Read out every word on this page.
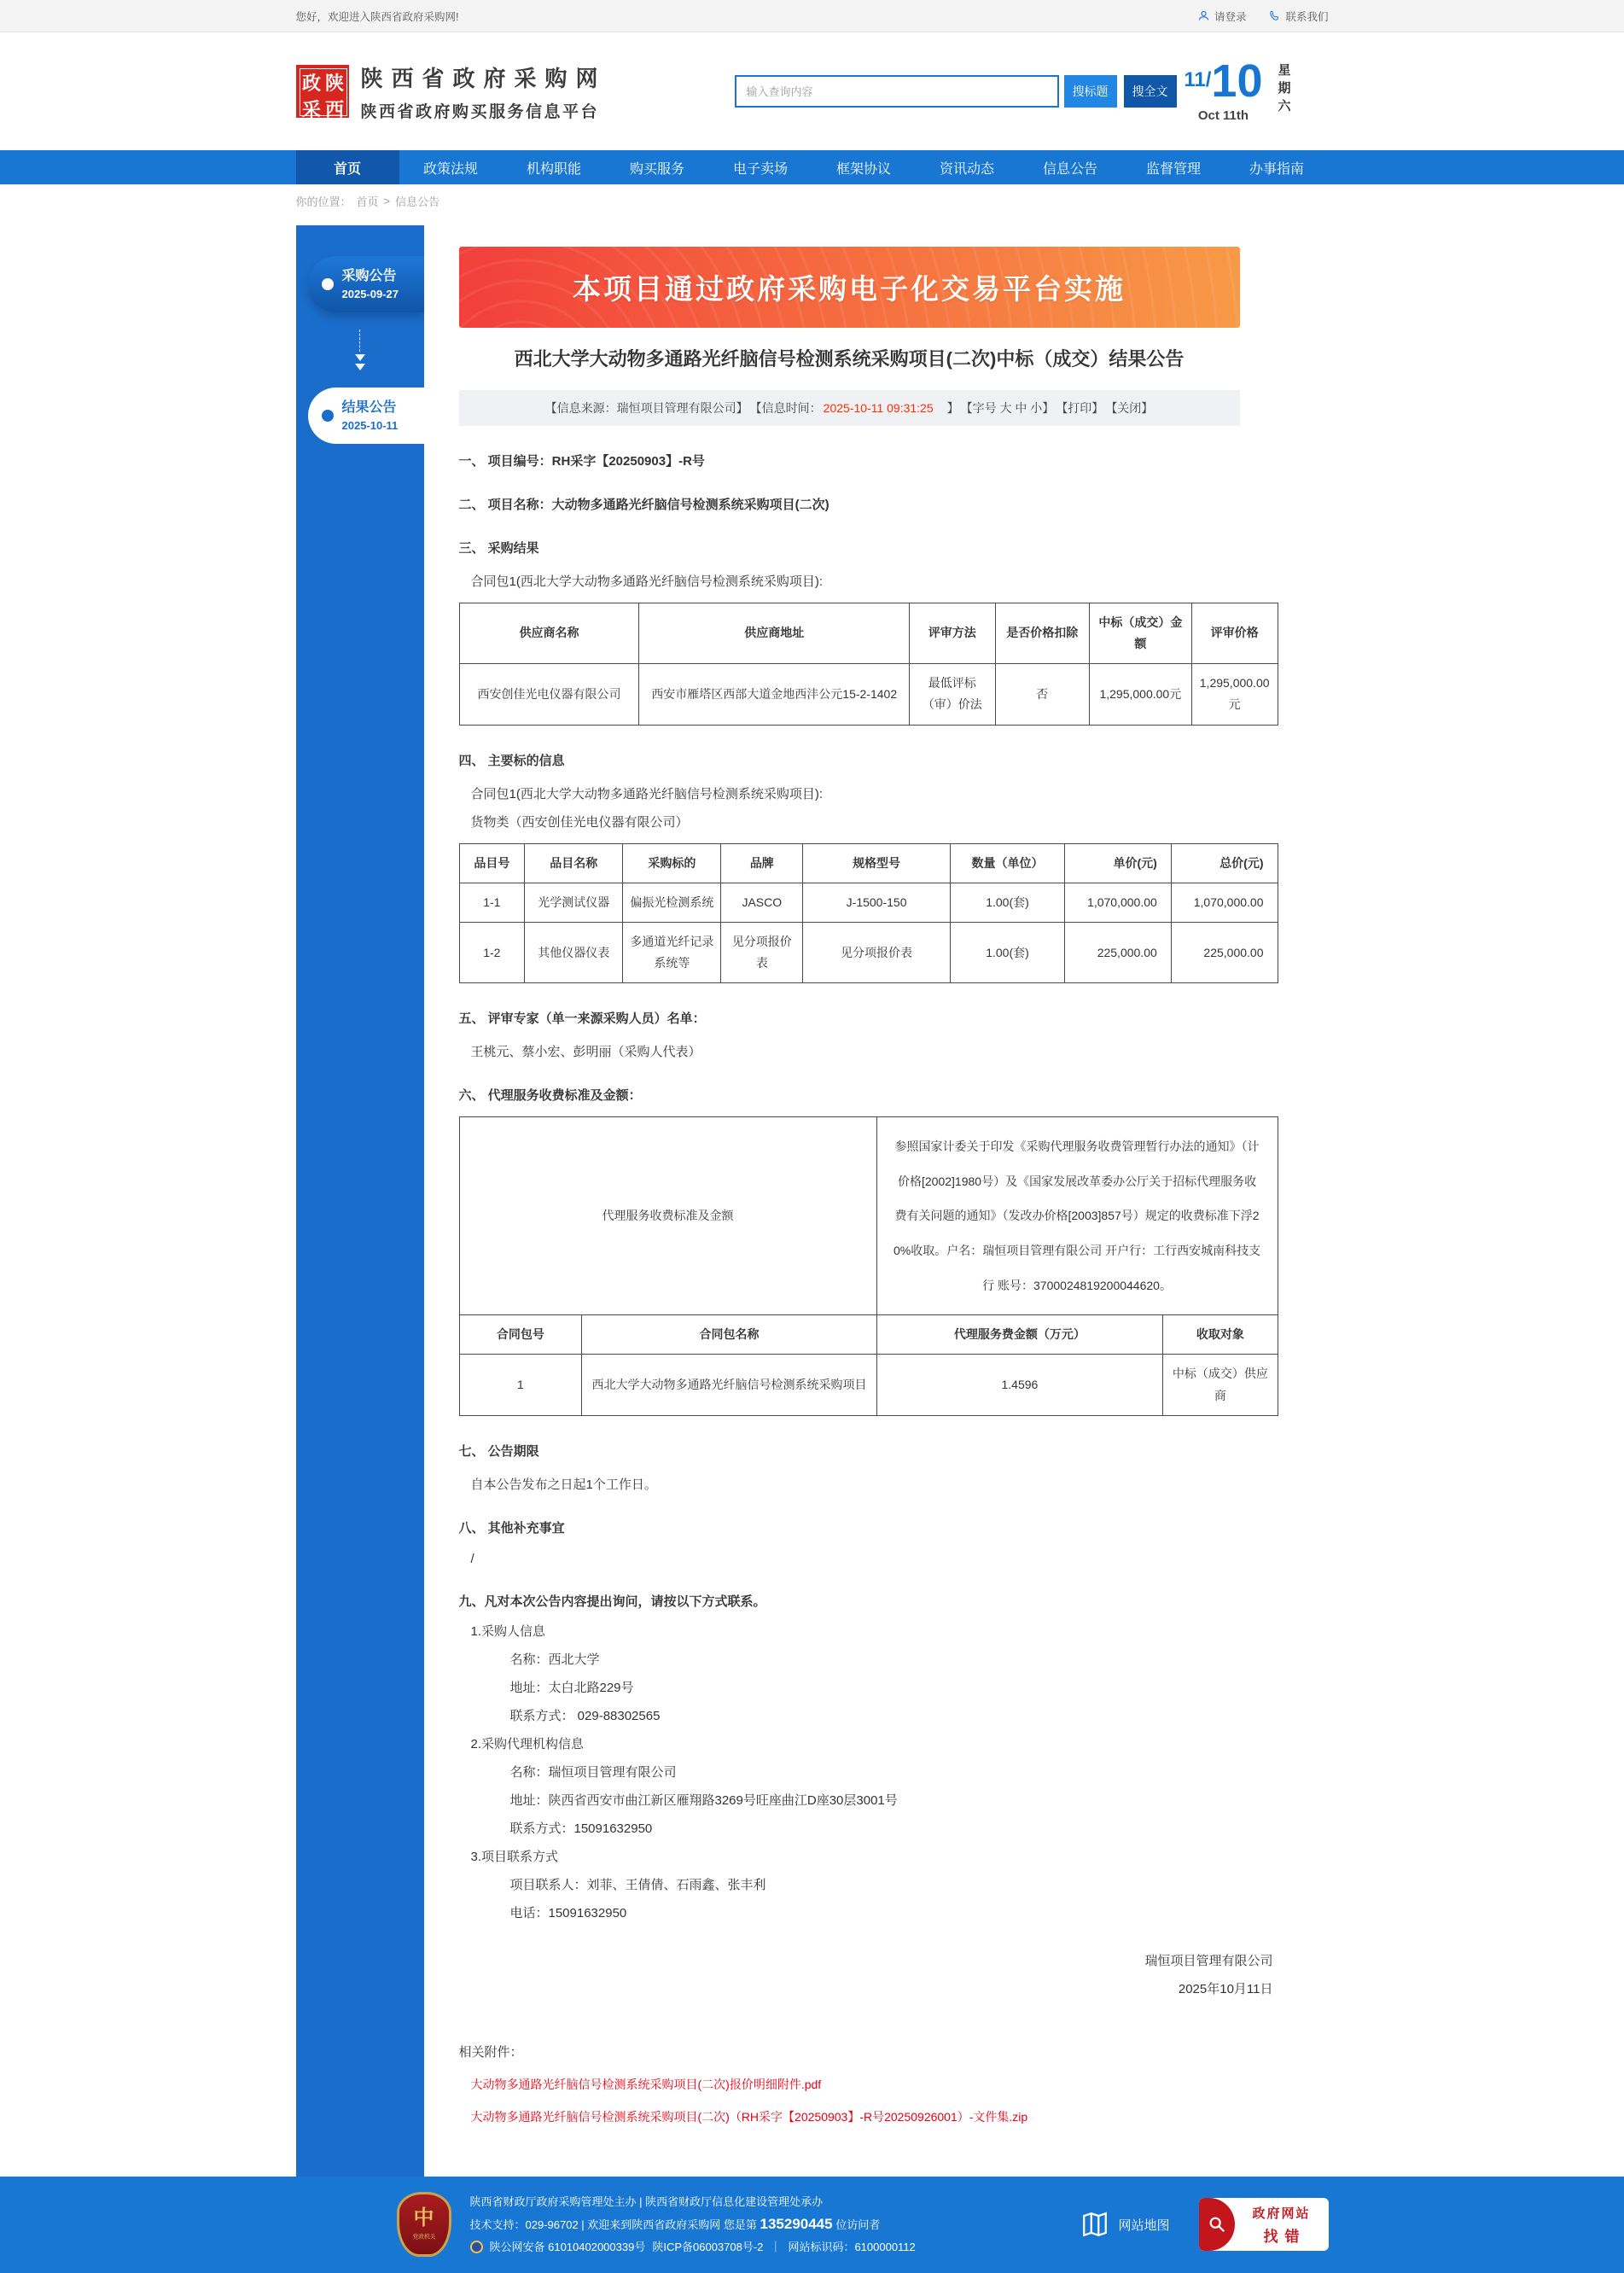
您好，欢迎进入陕西省政府采购网!	请登录	联系我们
政 陕
采 西
陕西省政府采购网
陕西省政府购买服务信息平台
输入查询内容
搜标题	搜全文
11/ 10
Oct 11th	星期六
首页	政策法规	机构职能	购买服务	电子卖场	框架协议	资讯动态	信息公告	监督管理	办事指南
你的位置： 首页 > 信息公告
采购公告
2025-09-27
结果公告
2025-10-11
本项目通过政府采购电子化交易平台实施
西北大学大动物多通路光纤脑信号检测系统采购项目(二次)中标（成交）结果公告
【信息来源：瑞恒项目管理有限公司】 【信息时间： 2025-10-11 09:31:25 　】 【字号 大 中 小】 【打印】 【关闭】
一、 项目编号：RH采字【20250903】-R号
二、 项目名称：大动物多通路光纤脑信号检测系统采购项目(二次)
三、 采购结果
合同包1(西北大学大动物多通路光纤脑信号检测系统采购项目):
供应商名称	供应商地址	评审方法	是否价格扣除	中标（成交）金额	评审价格
西安创佳光电仪器有限公司	西安市雁塔区西部大道金地西沣公元15-2-1402	最低评标（审）价法	否	1,295,000.00元	1,295,000.00元
四、 主要标的信息
合同包1(西北大学大动物多通路光纤脑信号检测系统采购项目):
货物类（西安创佳光电仪器有限公司）
品目号	品目名称	采购标的	品牌	规格型号	数量（单位）	单价(元)	总价(元)
1-1	光学测试仪器	偏振光检测系统	JASCO	J-1500-150	1.00(套)	1,070,000.00	1,070,000.00
1-2	其他仪器仪表	多通道光纤记录系统等	见分项报价表	见分项报价表	1.00(套)	225,000.00	225,000.00
五、 评审专家（单一来源采购人员）名单：
王桃元、蔡小宏、彭明丽（采购人代表）
六、 代理服务收费标准及金额：
代理服务收费标准及金额		参照国家计委关于印发《采购代理服务收费管理暂行办法的通知》（计价格[2002]1980号）及《国家发展改革委办公厅关于招标代理服务收费有关问题的通知》（发改办价格[2003]857号）规定的收费标准下浮20%收取。户名：瑞恒项目管理有限公司 开户行：工行西安城南科技支行 账号：3700024819200044620。	
合同包号	合同包名称	代理服务费金额（万元）	收取对象
1	西北大学大动物多通路光纤脑信号检测系统采购项目	1.4596	中标（成交）供应商
七、 公告期限
自本公告发布之日起1个工作日。
八、 其他补充事宜
/
九、凡对本次公告内容提出询问，请按以下方式联系。
1.采购人信息
名称：西北大学
地址：太白北路229号
联系方式： 029-88302565
2.采购代理机构信息
名称：瑞恒项目管理有限公司
地址：陕西省西安市曲江新区雁翔路3269号旺座曲江D座30层3001号
联系方式：15091632950
3.项目联系方式
项目联系人：刘菲、王倩倩、石雨鑫、张丰利
电话：15091632950
瑞恒项目管理有限公司
2025年10月11日
相关附件：
大动物多通路光纤脑信号检测系统采购项目(二次)报价明细附件.pdf
大动物多通路光纤脑信号检测系统采购项目(二次)（RH采字【20250903】-R号20250926001）-文件集.zip
中
党政机关
陕西省财政厅政府采购管理处主办 | 陕西省财政厅信息化建设管理处承办
技术支持：029-96702 | 欢迎来到陕西省政府采购网 您是第 135290445 位访问者
陕公网安备 61010402000339号 陕ICP备06003708号-2 ｜ 网站标识码：6100000112
网站地图
政府网站
找错
